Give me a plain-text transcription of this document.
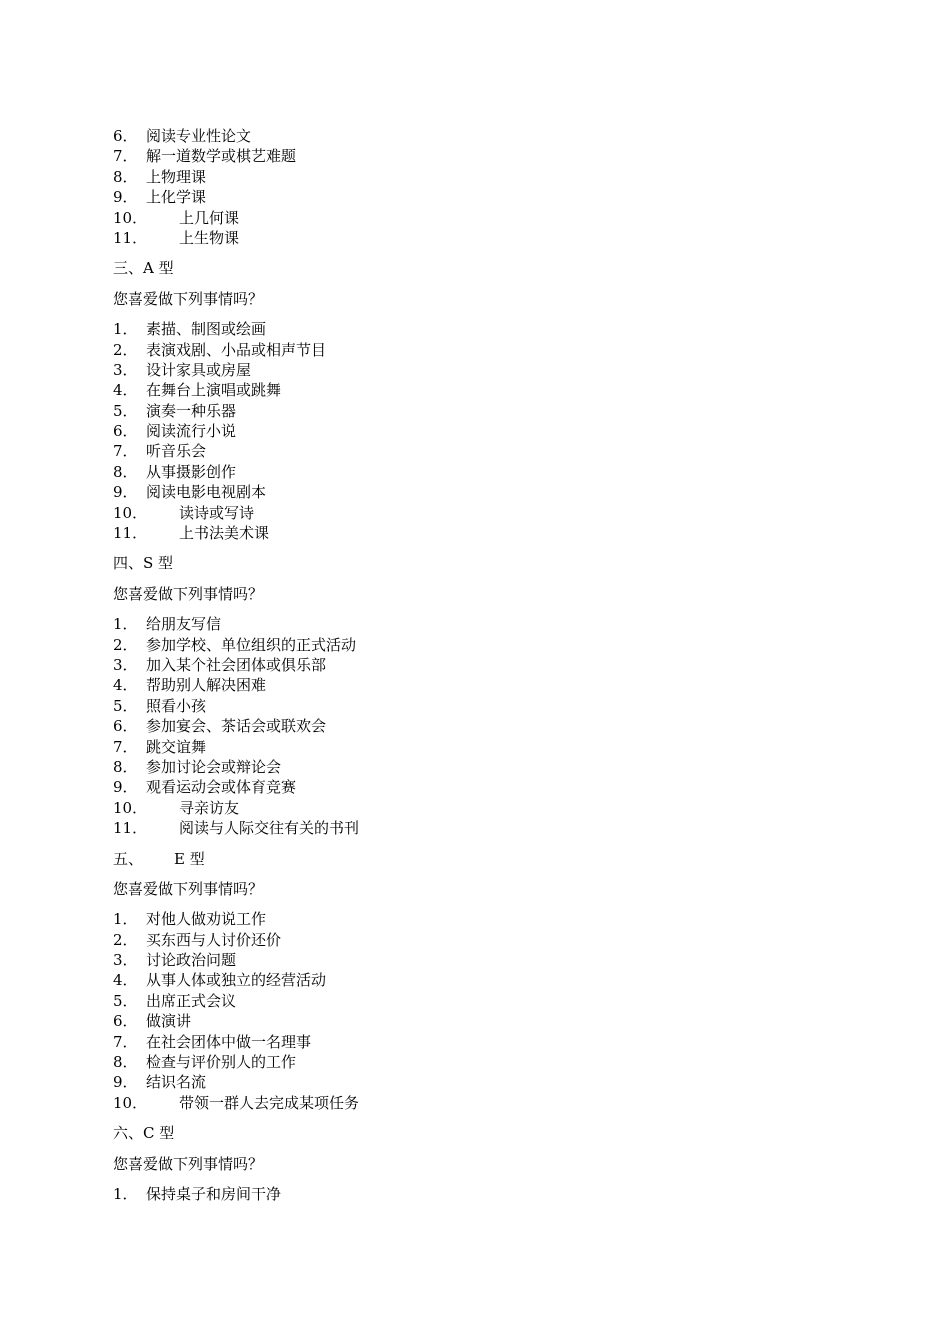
6． 阅读专业性论文
7． 解一道数学或棋艺难题
8． 上物理课
9． 上化学课
10． 上几何课
11． 上生物课
三、A 型
您喜爱做下列事情吗？
1． 素描、制图或绘画
2． 表演戏剧、小品或相声节目
3． 设计家具或房屋
4． 在舞台上演唱或跳舞
5． 演奏一种乐器
6． 阅读流行小说
7． 听音乐会
8． 从事摄影创作
9． 阅读电影电视剧本
10． 读诗或写诗
11． 上书法美术课
四、S 型
您喜爱做下列事情吗？
1． 给朋友写信
2． 参加学校、单位组织的正式活动
3． 加入某个社会团体或俱乐部
4． 帮助别人解决困难
5． 照看小孩
6． 参加宴会、茶话会或联欢会
7． 跳交谊舞
8． 参加讨论会或辩论会
9． 观看运动会或体育竞赛
10． 寻亲访友
11． 阅读与人际交往有关的书刊
五、 E 型
您喜爱做下列事情吗？
1． 对他人做劝说工作
2． 买东西与人讨价还价
3． 讨论政治问题
4． 从事人体或独立的经营活动
5． 出席正式会议
6． 做演讲
7． 在社会团体中做一名理事
8． 检查与评价别人的工作
9． 结识名流
10． 带领一群人去完成某项任务
六、C 型
您喜爱做下列事情吗？
1． 保持桌子和房间干净
